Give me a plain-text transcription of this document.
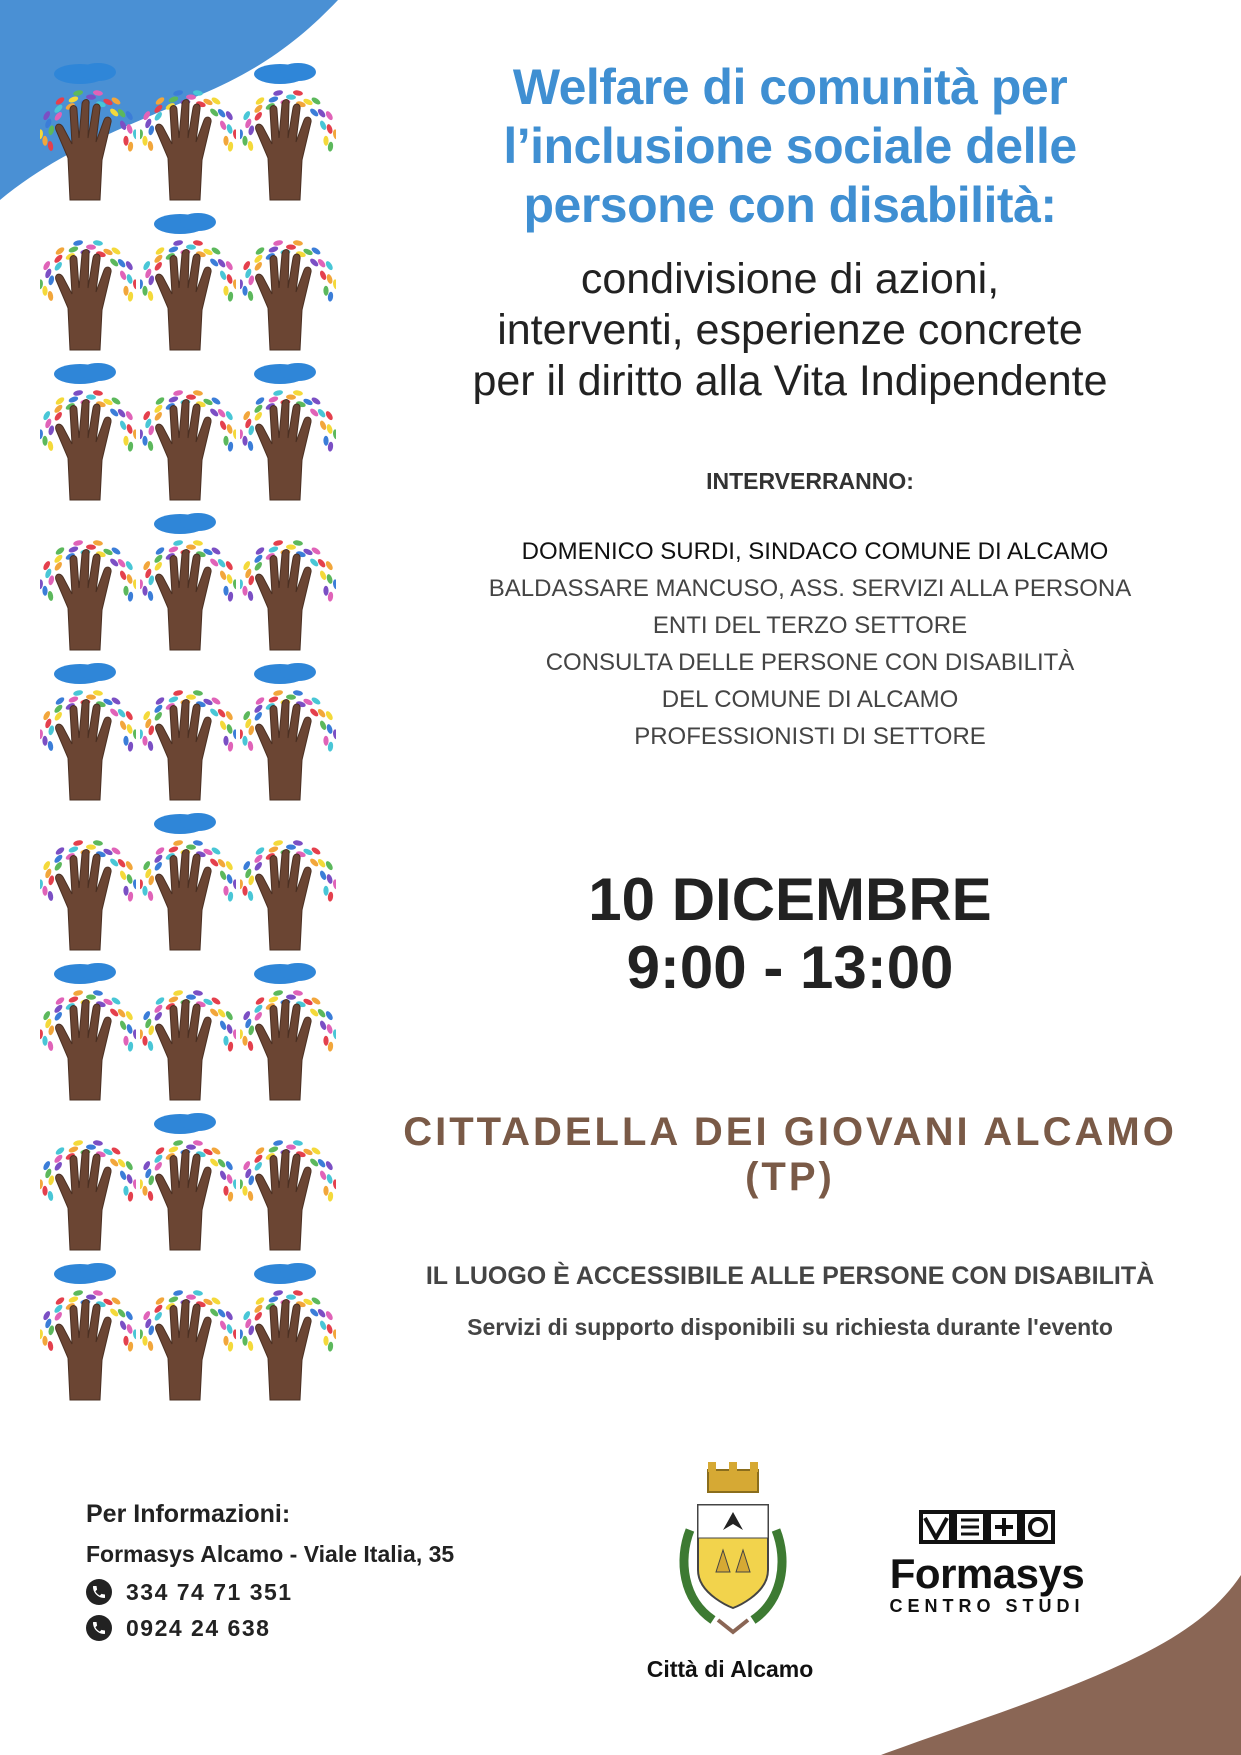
Welfare di comunità per
l’inclusione sociale delle
persone con disabilità:
condivisione di azioni,
interventi, esperienze concrete
per il diritto alla Vita Indipendente
INTERVERRANNO:
DOMENICO SURDI, SINDACO COMUNE DI ALCAMO
BALDASSARE MANCUSO, ASS. SERVIZI ALLA PERSONA
ENTI DEL TERZO SETTORE
CONSULTA DELLE PERSONE CON DISABILITÀ
DEL COMUNE DI ALCAMO
PROFESSIONISTI DI SETTORE
10 DICEMBRE
9:00 - 13:00
CITTADELLA DEI GIOVANI ALCAMO (TP)
IL LUOGO È ACCESSIBILE ALLE PERSONE CON DISABILITÀ
Servizi di supporto disponibili su richiesta durante l'evento
Per Informazioni:
Formasys Alcamo - Viale Italia, 35
334 74 71 351
0924 24 638
Città di Alcamo
Formasys
CENTRO STUDI
